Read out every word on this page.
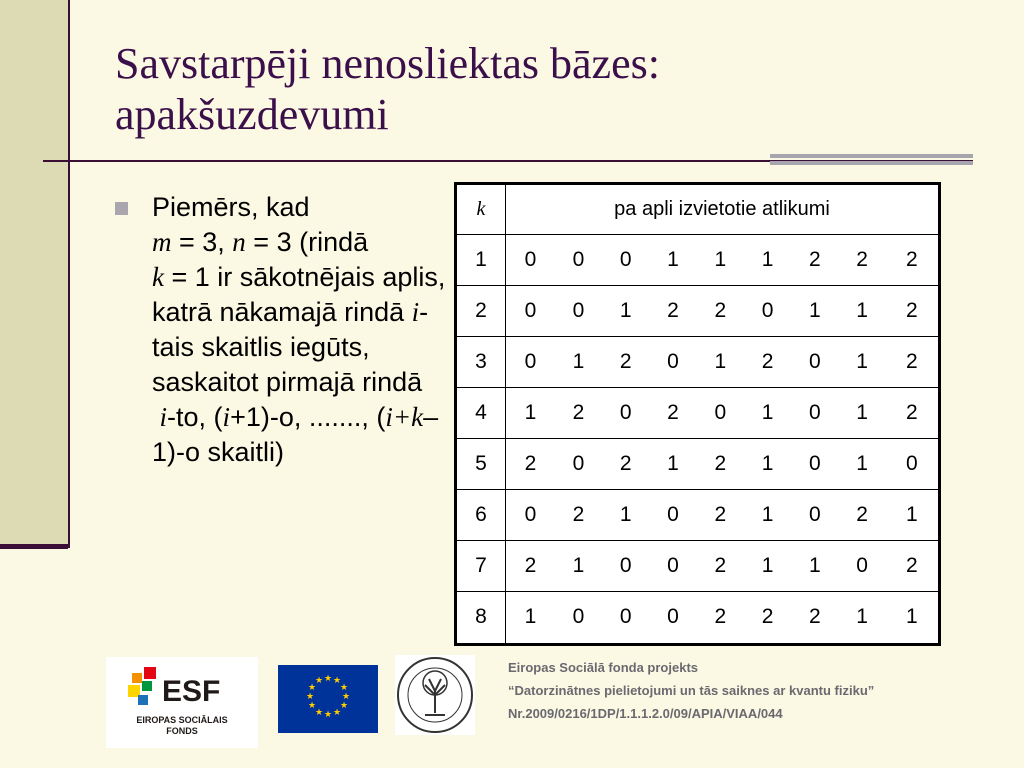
Savstarpēji nenosliektas bāzes:
apakšuzdevumi
Piemērs, kad
m = 3, n = 3 (rindā
k = 1 ir sākotnējais aplis, katrā nākamajā rindā i-tais skaitlis iegūts, saskaitot pirmajā rindā
i-to, (i+1)-o, ......., (i+k–1)-o skaitli)
k	pa apli izvietotie atlikumi								
1	0	0	0	1	1	1	2	2	2
2	0	0	1	2	2	0	1	1	2
3	0	1	2	0	1	2	0	1	2
4	1	2	0	2	0	1	0	1	2
5	2	0	2	1	2	1	0	1	0
6	0	2	1	0	2	1	0	2	1
7	2	1	0	0	2	1	1	0	2
8	1	0	0	0	2	2	2	1	1
ESF
EIROPAS SOCIĀLAIS
FONDS
★ ★
★
★
★
★
★
★
★
★
★
★
Eiropas Sociālā fonda projekts
“Datorzinātnes pielietojumi un tās saiknes ar kvantu fiziku”
Nr.2009/0216/1DP/1.1.1.2.0/09/APIA/VIAA/044
